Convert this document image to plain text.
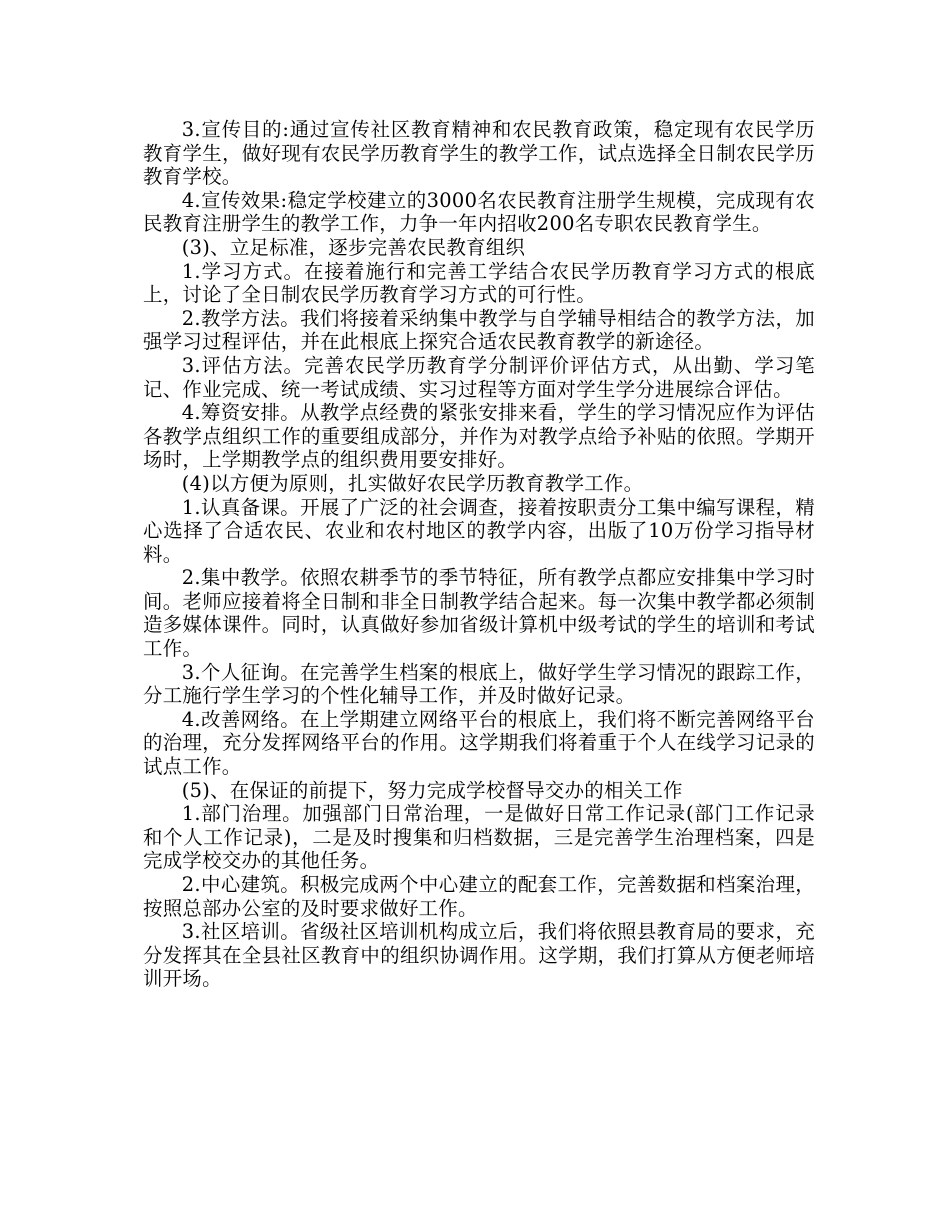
3.宣传目的:通过宣传社区教育精神和农民教育政策，稳定现有农民学历教育学生，做好现有农民学历教育学生的教学工作，试点选择全日制农民学历教育学校。

4.宣传效果:稳定学校建立的3000名农民教育注册学生规模，完成现有农民教育注册学生的教学工作，力争一年内招收200名专职农民教育学生。

(3)、立足标准，逐步完善农民教育组织

1.学习方式。在接着施行和完善工学结合农民学历教育学习方式的根底上，讨论了全日制农民学历教育学习方式的可行性。

2.教学方法。我们将接着采纳集中教学与自学辅导相结合的教学方法，加强学习过程评估，并在此根底上探究合适农民教育教学的新途径。

3.评估方法。完善农民学历教育学分制评价评估方式，从出勤、学习笔记、作业完成、统一考试成绩、实习过程等方面对学生学分进展综合评估。

4.筹资安排。从教学点经费的紧张安排来看，学生的学习情况应作为评估各教学点组织工作的重要组成部分，并作为对教学点给予补贴的依照。学期开场时，上学期教学点的组织费用要安排好。

(4)以方便为原则，扎实做好农民学历教育教学工作。

1.认真备课。开展了广泛的社会调查，接着按职责分工集中编写课程，精心选择了合适农民、农业和农村地区的教学内容，出版了10万份学习指导材料。

2.集中教学。依照农耕季节的季节特征，所有教学点都应安排集中学习时间。老师应接着将全日制和非全日制教学结合起来。每一次集中教学都必须制造多媒体课件。同时，认真做好参加省级计算机中级考试的学生的培训和考试工作。

3.个人征询。在完善学生档案的根底上，做好学生学习情况的跟踪工作，分工施行学生学习的个性化辅导工作，并及时做好记录。

4.改善网络。在上学期建立网络平台的根底上，我们将不断完善网络平台的治理，充分发挥网络平台的作用。这学期我们将着重于个人在线学习记录的试点工作。

(5)、在保证的前提下，努力完成学校督导交办的相关工作

1.部门治理。加强部门日常治理，一是做好日常工作记录(部门工作记录和个人工作记录)，二是及时搜集和归档数据，三是完善学生治理档案，四是完成学校交办的其他任务。

2.中心建筑。积极完成两个中心建立的配套工作，完善数据和档案治理，按照总部办公室的及时要求做好工作。

3.社区培训。省级社区培训机构成立后，我们将依照县教育局的要求，充分发挥其在全县社区教育中的组织协调作用。这学期，我们打算从方便老师培训开场。
